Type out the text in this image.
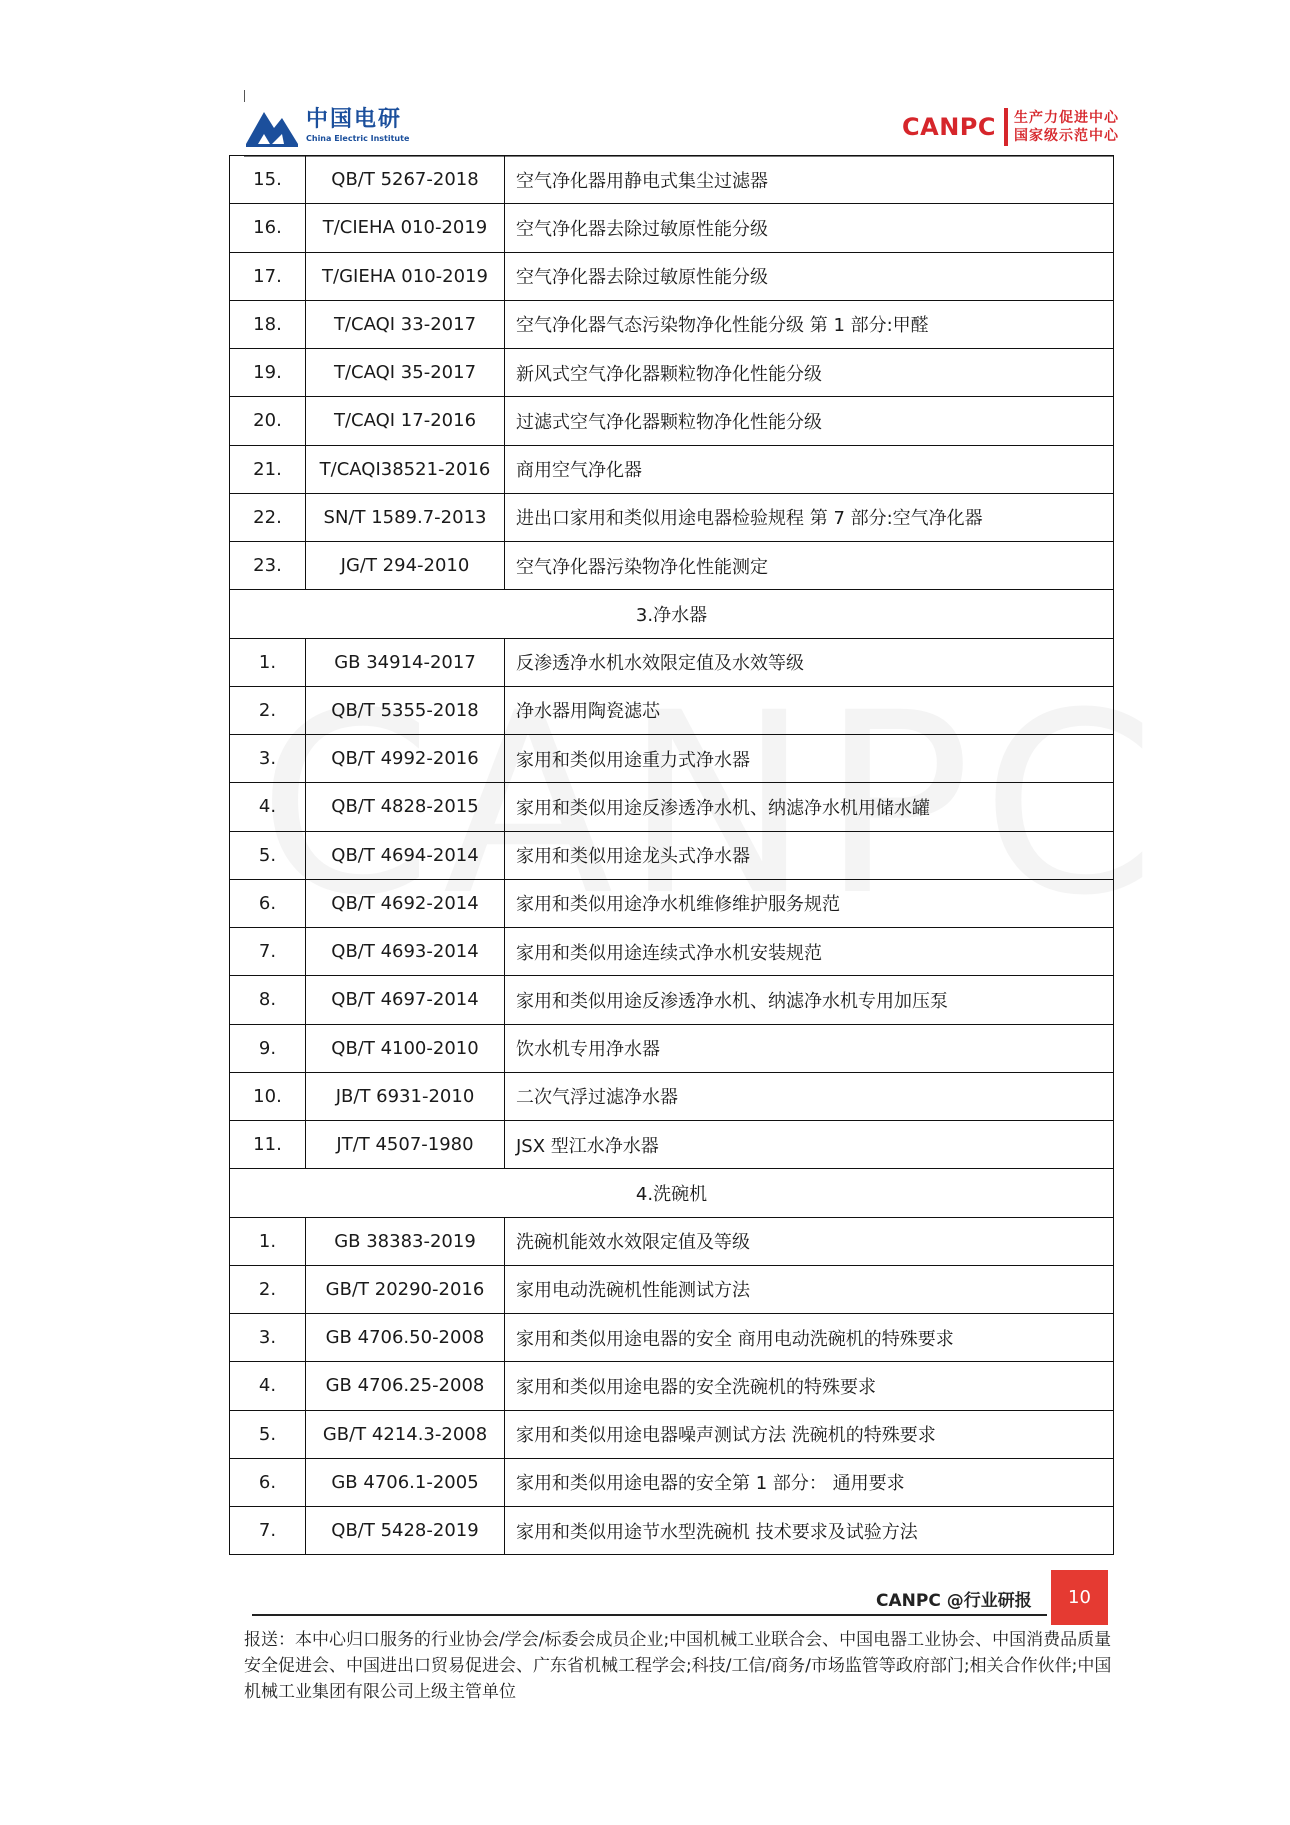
中国电研
China Electric Institute	CANPC 生产力促进中心
国家级示范中心
15.	QB/T 5267-2018	空气净化器用静电式集尘过滤器
16.	T/CIEHA 010-2019	空气净化器去除过敏原性能分级
17.	T/GIEHA 010-2019	空气净化器去除过敏原性能分级
18.	T/CAQI 33-2017	空气净化器气态污染物净化性能分级 第 1 部分:甲醛
19.	T/CAQI 35-2017	新风式空气净化器颗粒物净化性能分级
20.	T/CAQI 17-2016	过滤式空气净化器颗粒物净化性能分级
21.	T/CAQI38521-2016	商用空气净化器
22.	SN/T 1589.7-2013	进出口家用和类似用途电器检验规程 第 7 部分:空气净化器
23.	JG/T 294-2010	空气净化器污染物净化性能测定
3.净水器		
1.	GB 34914-2017	反渗透净水机水效限定值及水效等级
2.	QB/T 5355-2018	净水器用陶瓷滤芯
3.	QB/T 4992-2016	家用和类似用途重力式净水器
4.	QB/T 4828-2015	家用和类似用途反渗透净水机、纳滤净水机用储水罐
5.	QB/T 4694-2014	家用和类似用途龙头式净水器
6.	QB/T 4692-2014	家用和类似用途净水机维修维护服务规范
7.	QB/T 4693-2014	家用和类似用途连续式净水机安装规范
8.	QB/T 4697-2014	家用和类似用途反渗透净水机、纳滤净水机专用加压泵
9.	QB/T 4100-2010	饮水机专用净水器
10.	JB/T 6931-2010	二次气浮过滤净水器
11.	JT/T 4507-1980	JSX 型江水净水器
4.洗碗机		
1.	GB 38383-2019	洗碗机能效水效限定值及等级
2.	GB/T 20290-2016	家用电动洗碗机性能测试方法
3.	GB 4706.50-2008	家用和类似用途电器的安全 商用电动洗碗机的特殊要求
4.	GB 4706.25-2008	家用和类似用途电器的安全洗碗机的特殊要求
5.	GB/T 4214.3-2008	家用和类似用途电器噪声测试方法 洗碗机的特殊要求
6.	GB 4706.1-2005	家用和类似用途电器的安全第 1 部分： 通用要求
7.	QB/T 5428-2019	家用和类似用途节水型洗碗机 技术要求及试验方法
CANPC @行业研报	10
报送：本中心归口服务的行业协会/学会/标委会成员企业;中国机械工业联合会、中国电器工业协会、中国消费品质量安全促进会、中国进出口贸易促进会、广东省机械工程学会;科技/工信/商务/市场监管等政府部门;相关合作伙伴;中国机械工业集团有限公司上级主管单位
